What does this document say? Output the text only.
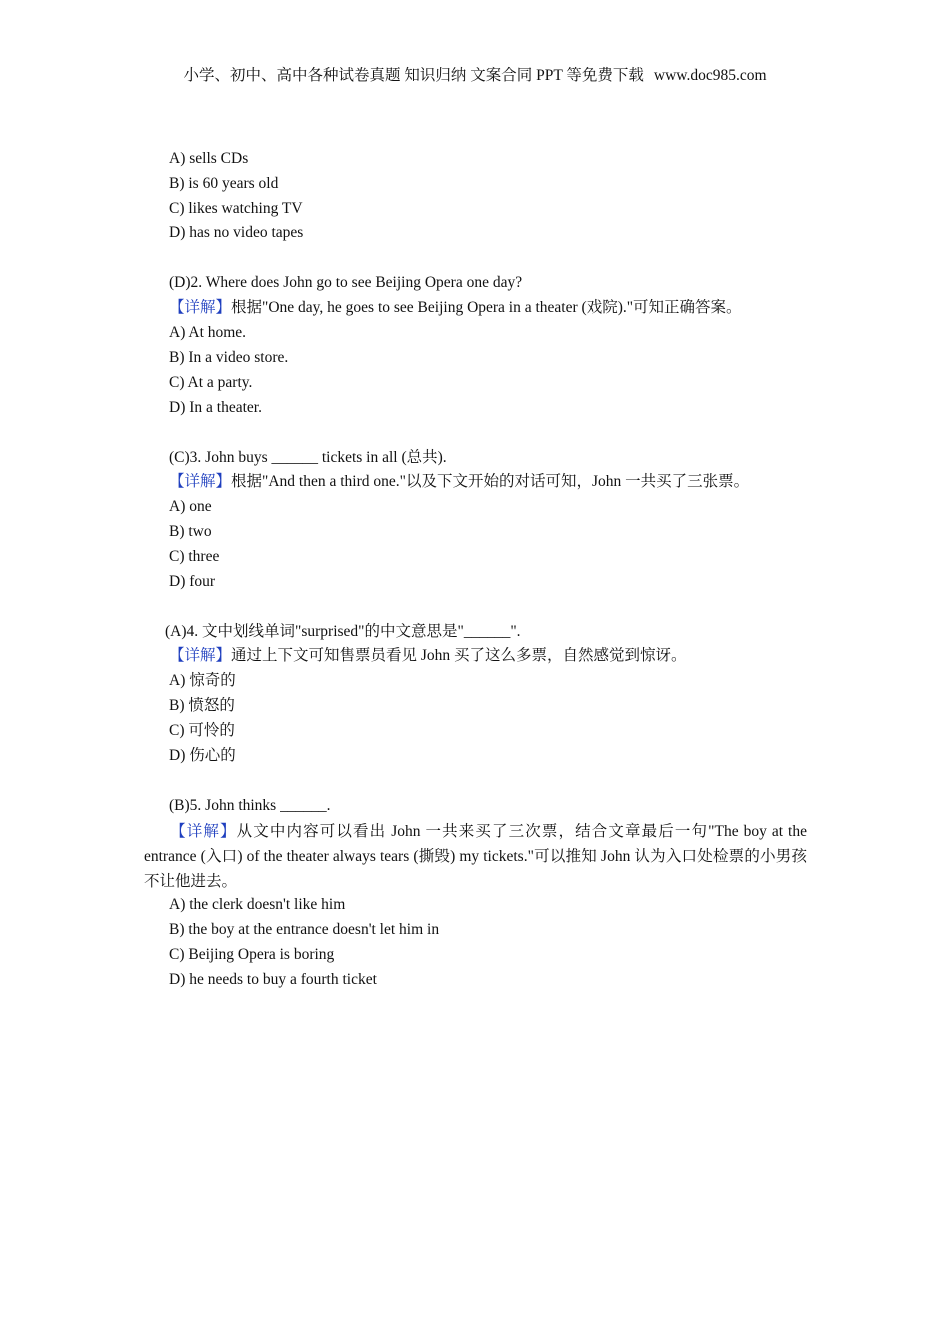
小学、初中、高中各种试卷真题 知识归纳 文案合同 PPT 等免费下载 www.doc985.com
A) sells CDs
B) is 60 years old
C) likes watching TV
D) has no video tapes
(D)2. Where does John go to see Beijing Opera one day?
【详解】根据"One day, he goes to see Beijing Opera in a theater (戏院)."可知正确答案。
A) At home.
B) In a video store.
C) At a party.
D) In a theater.
(C)3. John buys ______ tickets in all (总共).
【详解】根据"And then a third one."以及下文开始的对话可知，John 一共买了三张票。
A) one
B) two
C) three
D) four
(A)4. 文中划线单词"surprised"的中文意思是"______".
【详解】通过上下文可知售票员看见 John 买了这么多票，自然感觉到惊讶。
A) 惊奇的
B) 愤怒的
C) 可怜的
D) 伤心的
(B)5. John thinks ______.
【详解】从文中内容可以看出 John 一共来买了三次票，结合文章最后一句"The boy at the entrance (入口) of the theater always tears (撕毁) my tickets."可以推知 John 认为入口处检票的小男孩不让他进去。
A) the clerk doesn't like him
B) the boy at the entrance doesn't let him in
C) Beijing Opera is boring
D) he needs to buy a fourth ticket
